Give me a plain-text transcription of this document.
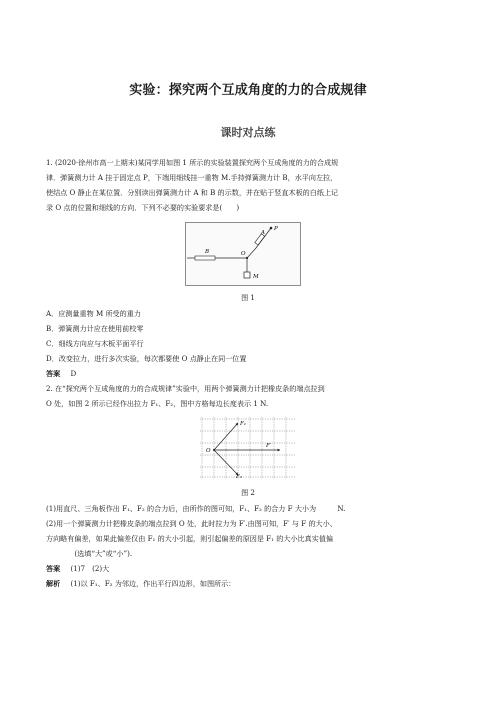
实验：探究两个互成角度的力的合成规律
课时对点练
1. (2020·徐州市高一上期末)某同学用如图 1 所示的实验装置探究两个互成角度的力的合成规
律．弹簧测力计 A 挂于固定点 P，下端用细线挂一重物 M.手持弹簧测力计 B，水平向左拉，
使结点 O 静止在某位置．分别读出弹簧测力计 A 和 B 的示数，并在贴于竖直木板的白纸上记
录 O 点的位置和细线的方向．下列不必要的实验要求是(　　)
P
A
B	O
M
图 1
A．应测量重物 M 所受的重力
B．弹簧测力计应在使用前校零
C．细线方向应与木板平面平行
D．改变拉力，进行多次实验，每次都要使 O 点静止在同一位置
答案 D
2. 在“探究两个互成角度的力的合成规律”实验中，用两个弹簧测力计把橡皮条的端点拉到
O 处，如图 2 所示已经作出拉力 F₁、F₂，图中方格每边长度表示 1 N.
O
F₁
F₂
F′
图 2
(1)用直尺、三角板作出 F₁、F₂ 的合力后，由所作的图可知，F₁、F₂ 的合力 F 大小为　　　N.
(2)用一个弹簧测力计把橡皮条的端点拉到 O 处，此时拉力为 F′.由图可知，F′ 与 F 的大小、
方向略有偏差，如果此偏差仅由 F₁ 的大小引起，则引起偏差的原因是 F₁ 的大小比真实值偏
　　　　(选填“大”或“小”).
答案 (1)7　(2)大
解析 (1)以 F₁、F₂ 为邻边，作出平行四边形，如图所示：
